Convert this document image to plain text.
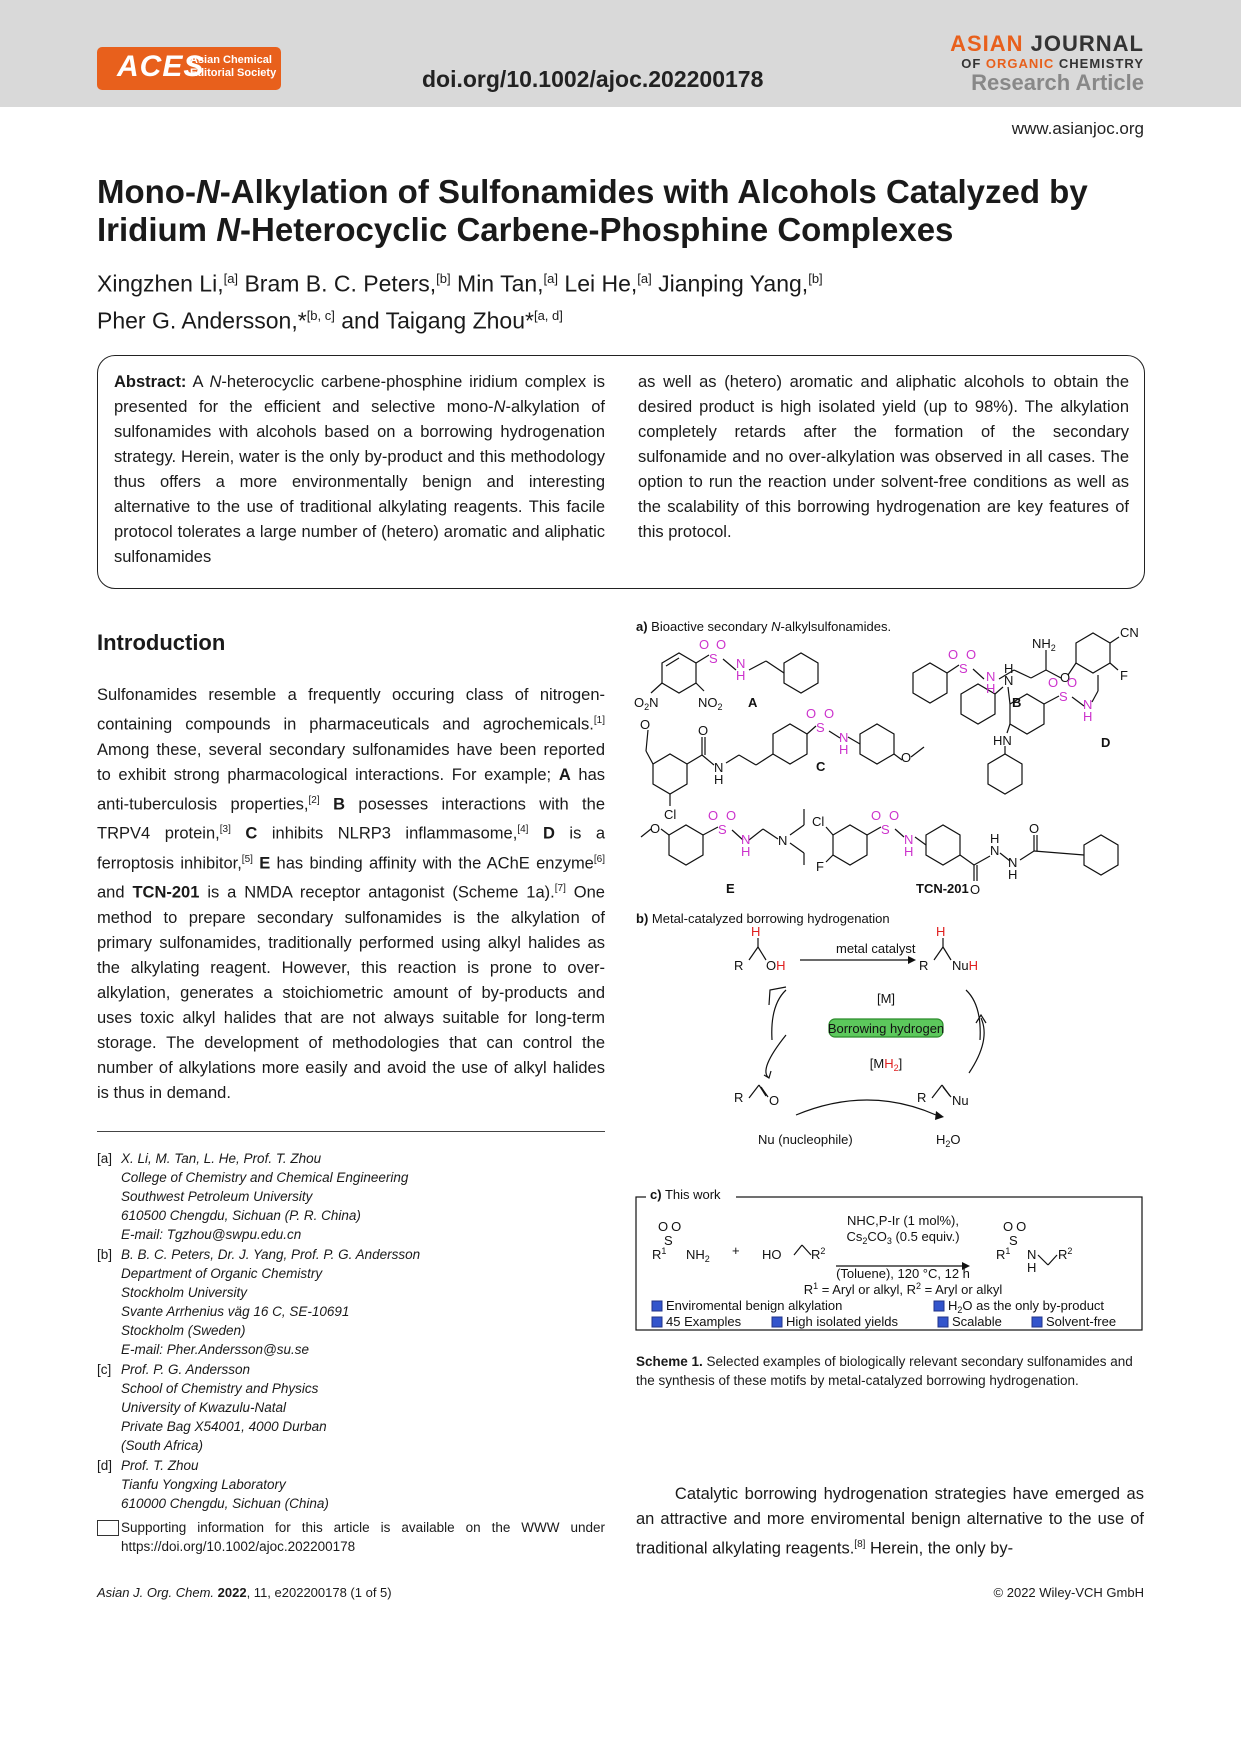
ACES
Asian Chemical
Editorial Society	doi.org/10.1002/ajoc.202200178
ASIAN JOURNAL
OF ORGANIC CHEMISTRY
Research Article
www.asianjoc.org
Mono-N-Alkylation of Sulfonamides with Alcohols Catalyzed by
Iridium N-Heterocyclic Carbene-Phosphine Complexes
Xingzhen Li,[a] Bram B. C. Peters,[b] Min Tan,[a] Lei He,[a] Jianping Yang,[b]
Pher G. Andersson,*[b, c] and Taigang Zhou*[a, d]
Abstract: A N-heterocyclic carbene-phosphine iridium complex is presented for the efficient and selective mono-N-alkylation of sulfonamides with alcohols based on a borrowing hydrogenation strategy. Herein, water is the only by-product and this methodology thus offers a more environmentally benign and interesting alternative to the use of traditional alkylating reagents. This facile protocol tolerates a large number of (hetero) aromatic and aliphatic sulfonamides
as well as (hetero) aromatic and aliphatic alcohols to obtain the desired product is high isolated yield (up to 98%). The alkylation completely retards after the formation of the secondary sulfonamide and no over-alkylation was observed in all cases. The option to run the reaction under solvent-free conditions as well as the scalability of this borrowing hydrogenation are key features of this protocol.
Introduction
Sulfonamides resemble a frequently occuring class of nitrogen-containing compounds in pharmaceuticals and agrochemicals.[1] Among these, several secondary sulfonamides have been reported to exhibit strong pharmacological interactions. For example; A has anti-tuberculosis properties,[2] B posesses interactions with the TRPV4 protein,[3] C inhibits NLRP3 inflammasome,[4] D is a ferroptosis inhibitor,[5] E has binding affinity with the AChE enzyme[6] and TCN-201 is a NMDA receptor antagonist (Scheme 1a).[7] One method to prepare secondary sulfonamides is the alkylation of primary sulfonamides, traditionally performed using alkyl halides as the alkylating reagent. However, this reaction is prone to over-alkylation, generates a stoichiometric amount of by-products and uses toxic alkyl halides that are not always suitable for long-term storage. The development of methodologies that can control the number of alkylations more easily and avoid the use of alkyl halides is thus in demand.
[a] X. Li, M. Tan, L. He, Prof. T. Zhou
College of Chemistry and Chemical Engineering
Southwest Petroleum University
610500 Chengdu, Sichuan (P. R. China)
E-mail: Tgzhou@swpu.edu.cn
[b] B. B. C. Peters, Dr. J. Yang, Prof. P. G. Andersson
Department of Organic Chemistry
Stockholm University
Svante Arrhenius väg 16 C, SE-10691
Stockholm (Sweden)
E-mail: Pher.Andersson@su.se
[c] Prof. P. G. Andersson
School of Chemistry and Physics
University of Kwazulu-Natal
Private Bag X54001, 4000 Durban
(South Africa)
[d] Prof. T. Zhou
Tianfu Yongxing Laboratory
610000 Chengdu, Sichuan (China)
Supporting information for this article is available on the WWW under https://doi.org/10.1002/ajoc.202200178
Asian J. Org. Chem. 2022, 11, e202200178 (1 of 5)	© 2022 Wiley-VCH GmbH
a) Bioactive secondary N-alkylsulfonamides.
S
O O
N
H
$O_2N$	$NO_2$ A
S
O O
N
H
$NH_2$
O
CN
F
B
O	O
N
H
Cl
S
O O
N
H
O
C
H
N
HN
S
O O
N
H
D
O	S
O O
N
H
N
E
Cl
F
S
O O
N
H
O
H
N
N
H
O
TCN-201
b) Metal-catalyzed borrowing hydrogenation
H
R OH
metal catalyst
H
R NuH
[M]
Borrowing hydrogen
$[MH_2]$
R O	R Nu
Nu (nucleophile)	$H_2O$
c) This work
O O
S
$R^1$ $NH_2$
+ HO $R^2$
NHC,P-Ir (1 mol%),
$Cs_2CO_3$ (0.5 equiv.)
(Toluene), 120 °C, 12 h
$R^1$ = Aryl or alkyl, $R^2$ = Aryl or alkyl
O O
S
$R^1$ N
H
$R^2$
Enviromental benign alkylation	$H_2O$ as the only by-product
45 Examples	High isolated yields	Scalable	Solvent-free
Scheme 1. Selected examples of biologically relevant secondary sulfonamides and the synthesis of these motifs by metal-catalyzed borrowing hydrogenation.
Catalytic borrowing hydrogenation strategies have emerged as an attractive and more enviromental benign alternative to the use of traditional alkylating reagents.[8] Herein, the only by-
